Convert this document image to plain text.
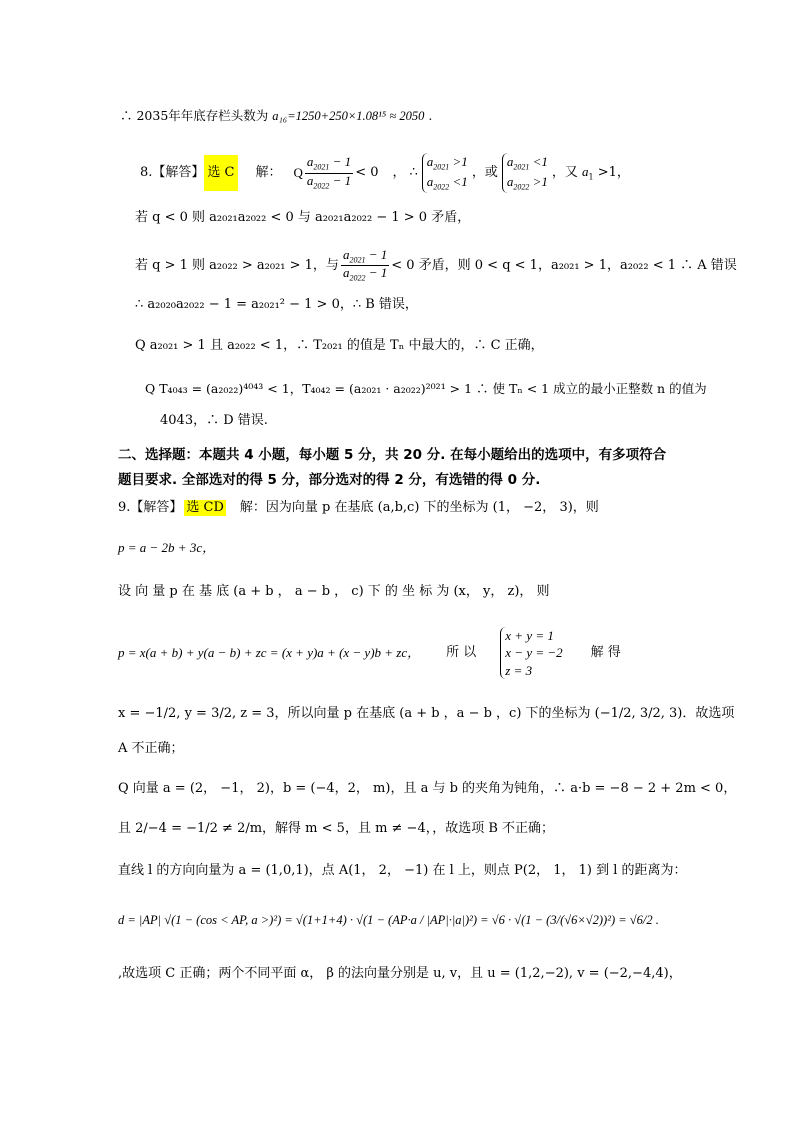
∴ 2035年年底存栏头数为 a₁₆=1250+250×1.08¹⁵ ≈ 2050 .
8.【解答】 选 C 解： Q $\frac{a_{2021} - 1}{a_{2022} - 1} < 0$ ， ∴
$a_{2021} >1$
$a_{2022} <1$
， 或
$a_{2021} <1$
$a_{2022} >1$
，又 $a_1 >1$，
若 q < 0 则 a₂₀₂₁a₂₀₂₂ < 0 与 a₂₀₂₁a₂₀₂₂ − 1 > 0 矛盾，
若 q > 1 则 a₂₀₂₂ > a₂₀₂₁ > 1，与 $\frac{a_{2021} - 1}{a_{2022} - 1} < 0$ 矛盾，则 0 < q < 1，a₂₀₂₁ > 1，a₂₀₂₂ < 1 ∴ A 错误
∴ a₂₀₂₀a₂₀₂₂ − 1 = a₂₀₂₁² − 1 > 0，∴ B 错误，
Q a₂₀₂₁ > 1 且 a₂₀₂₂ < 1，∴ T₂₀₂₁ 的值是 Tₙ 中最大的，∴ C 正确，
Q T₄₀₄₃ = (a₂₀₂₂)⁴⁰⁴³ < 1，T₄₀₄₂ = (a₂₀₂₁ · a₂₀₂₂)²⁰²¹ > 1 ∴ 使 Tₙ < 1 成立的最小正整数 n 的值为
4043，∴ D 错误.
二、选择题：本题共 4 小题，每小题 5 分，共 20 分. 在每小题给出的选项中，有多项符合
题目要求. 全部选对的得 5 分，部分选对的得 2 分，有选错的得 0 分.
9.【解答】 选 CD 解：因为向量 p 在基底 (a,b,c) 下的坐标为 (1， −2， 3)，则
p = a − 2b + 3c，
设 向 量 p 在 基 底 (a + b ， a − b ， c) 下 的 坐 标 为 (x， y， z)， 则
p = x(a + b) + y(a − b) + zc = (x + y)a + (x − y)b + zc， 所 以
x + y = 1
x − y = −2
z = 3
解 得
x = −1/2, y = 3/2, z = 3，所以向量 p 在基底 (a + b ，a − b ，c) 下的坐标为 (−1/2, 3/2, 3)．故选项
A 不正确；
Q 向量 a = (2， −1， 2)，b = (−4，2， m)，且 a 与 b 的夹角为钝角，∴ a·b = −8 − 2 + 2m < 0，
且 2/−4 = −1/2 ≠ 2/m，解得 m < 5，且 m ≠ −4，，故选项 B 不正确；
直线 l 的方向向量为 a = (1,0,1)，点 A(1， 2， −1) 在 l 上，则点 P(2， 1， 1) 到 l 的距离为：
d = |AP| √(1 − (cos < AP, a >)²) = √(1+1+4) · √(1 − (AP·a / |AP|·|a|)²) = √6 · √(1 − (3/(√6×√2))²) = √6/2 .
,故选项 C 正确；两个不同平面 α， β 的法向量分别是 u, v，且 u = (1,2,−2), v = (−2,−4,4)，
